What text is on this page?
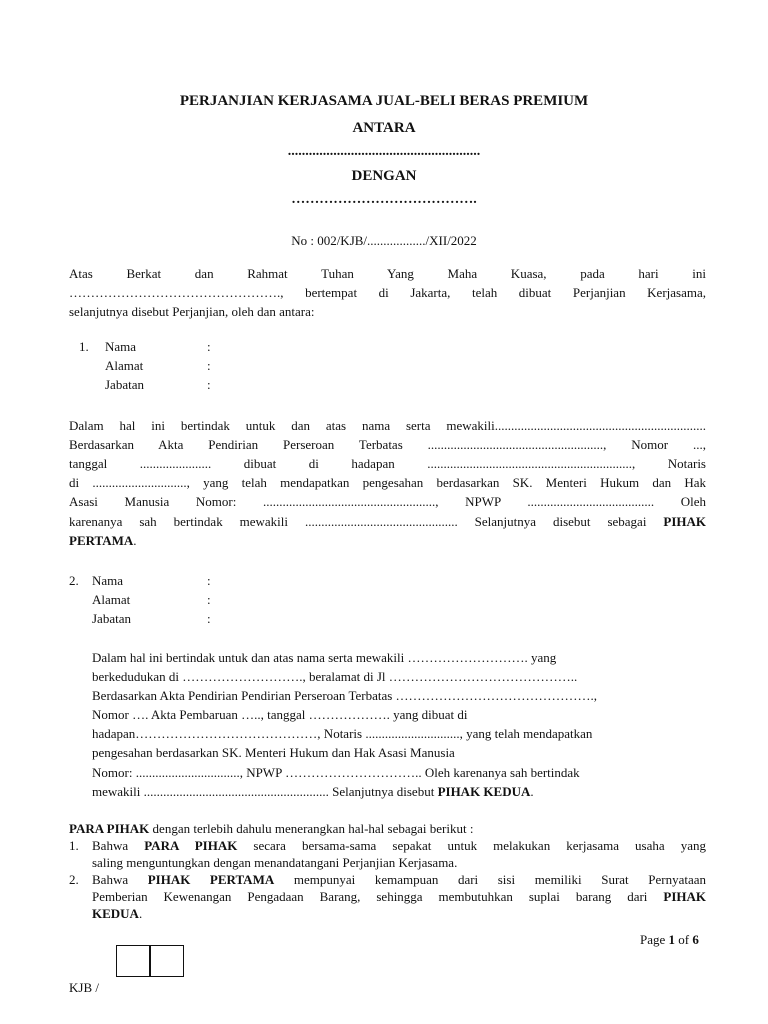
PERJANJIAN KERJASAMA JUAL-BELI BERAS PREMIUM
ANTARA
.......................................................
DENGAN
………………………………….
No : 002/KJB/................../XII/2022
Atas Berkat dan Rahmat Tuhan Yang Maha Kuasa, pada hari ini
…………………………………………., bertempat di Jakarta, telah dibuat Perjanjian Kerjasama,
selanjutnya disebut Perjanjian, oleh dan antara:
1. Nama	:
Alamat	:
Jabatan	:
Dalam hal ini bertindak untuk dan atas nama serta mewakili.................................................................
Berdasarkan Akta Pendirian Perseroan Terbatas ......................................................, Nomor ...,
tanggal ...................... dibuat di hadapan ..............................................................., Notaris
di ............................., yang telah mendapatkan pengesahan berdasarkan SK. Menteri Hukum dan Hak
Asasi Manusia Nomor: ....................................................., NPWP ....................................... Oleh
karenanya sah bertindak mewakili ............................................... Selanjutnya disebut sebagai PIHAK
PERTAMA.
2. Nama	:
Alamat	:
Jabatan	:
Dalam hal ini bertindak untuk dan atas nama serta mewakili ………………………. yang
berkedudukan di ………………………., beralamat di Jl ……………………………………..
Berdasarkan Akta Pendirian Pendirian Perseroan Terbatas ……………………………………….,
Nomor …. Akta Pembaruan ….., tanggal ………………. yang dibuat di
hadapan……………………………………, Notaris ............................., yang telah mendapatkan
pengesahan berdasarkan SK. Menteri Hukum dan Hak Asasi Manusia
Nomor: ................................, NPWP ………………………….. Oleh karenanya sah bertindak
mewakili ......................................................... Selanjutnya disebut PIHAK KEDUA.
PARA PIHAK dengan terlebih dahulu menerangkan hal-hal sebagai berikut :
1. Bahwa PARA PIHAK secara bersama-sama sepakat untuk melakukan kerjasama usaha yang
saling menguntungkan dengan menandatangani Perjanjian Kerjasama.
2. Bahwa PIHAK PERTAMA mempunyai kemampuan dari sisi memiliki Surat Pernyataan
Pemberian Kewenangan Pengadaan Barang, sehingga membutuhkan suplai barang dari PIHAK
KEDUA.
Page 1 of 6
KJB /
